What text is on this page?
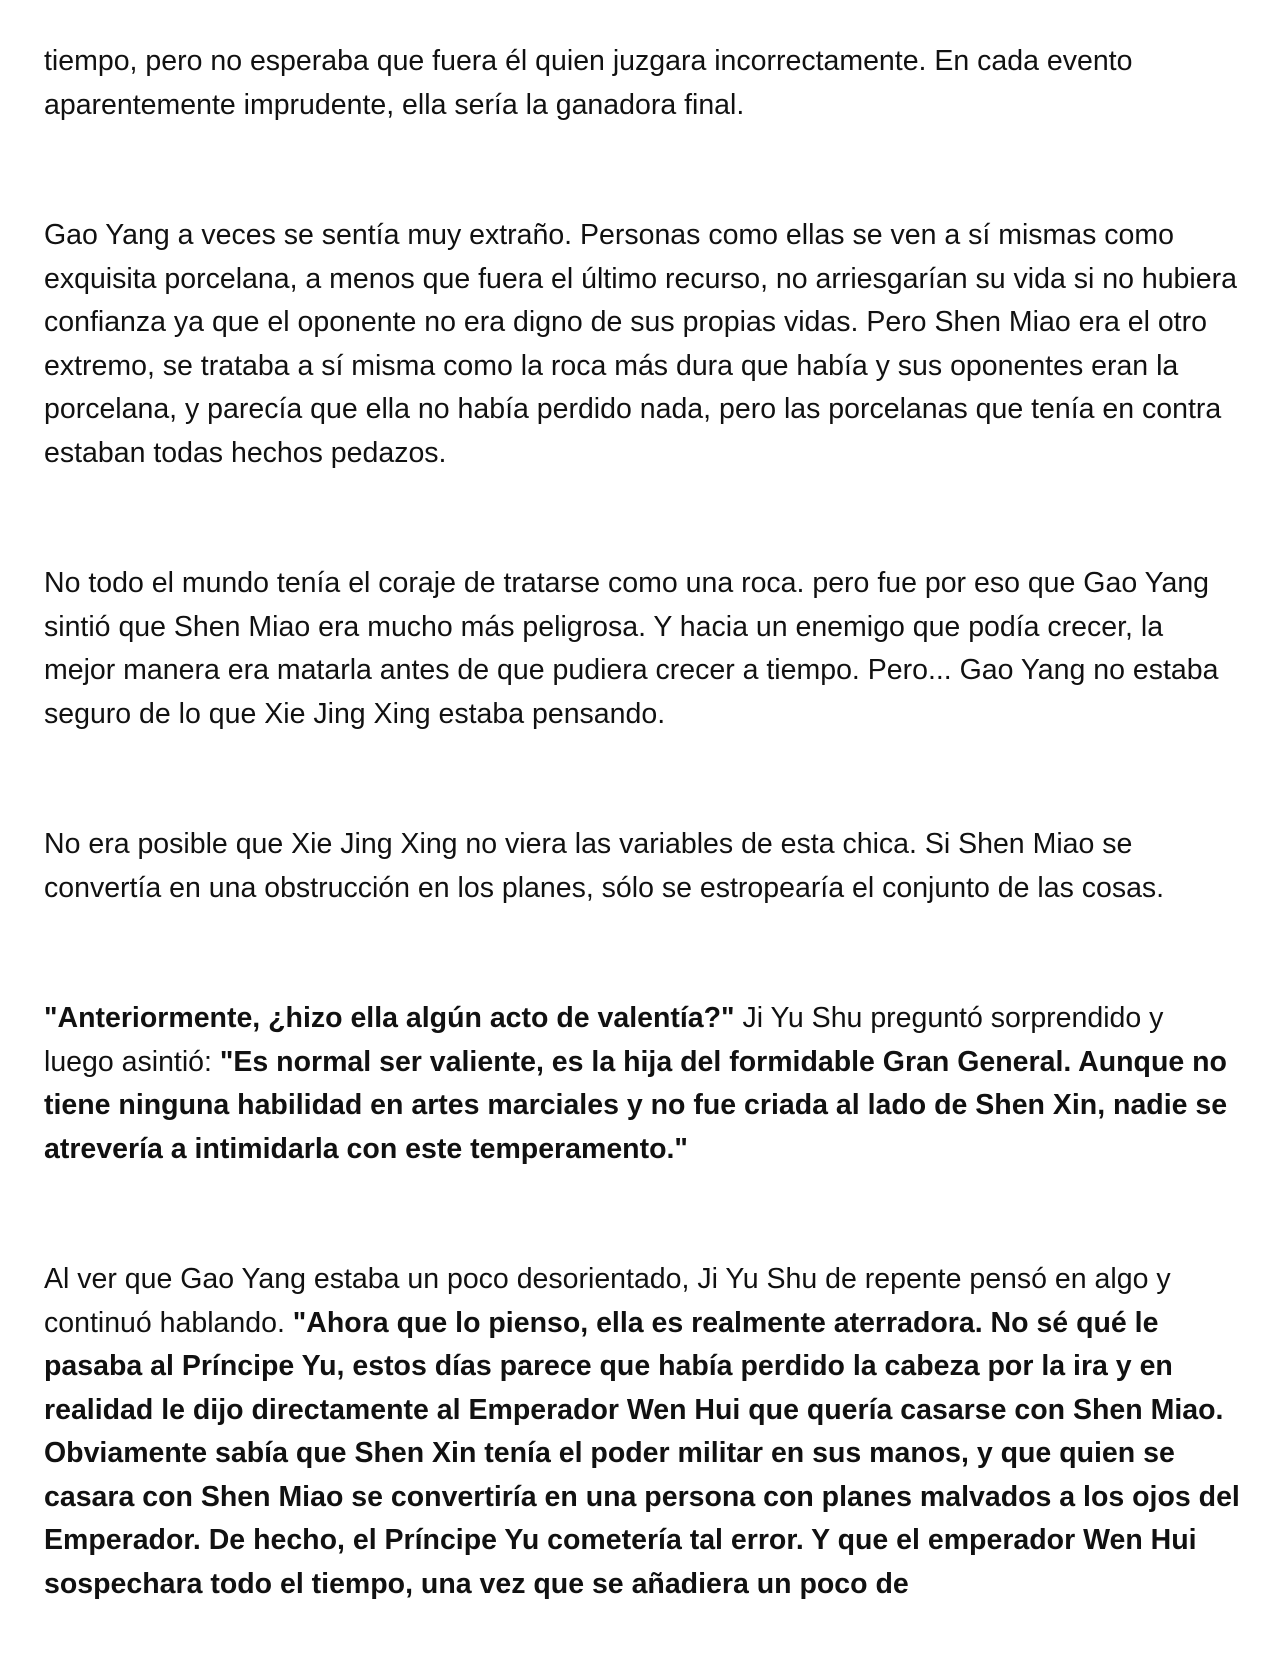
tiempo, pero no esperaba que fuera él quien juzgara incorrectamente. En cada evento aparentemente imprudente, ella sería la ganadora final.

Gao Yang a veces se sentía muy extraño. Personas como ellas se ven a sí mismas como exquisita porcelana, a menos que fuera el último recurso, no arriesgarían su vida si no hubiera confianza ya que el oponente no era digno de sus propias vidas. Pero Shen Miao era el otro extremo, se trataba a sí misma como la roca más dura que había y sus oponentes eran la porcelana, y parecía que ella no había perdido nada, pero las porcelanas que tenía en contra estaban todas hechos pedazos.

No todo el mundo tenía el coraje de tratarse como una roca. pero fue por eso que Gao Yang sintió que Shen Miao era mucho más peligrosa. Y hacia un enemigo que podía crecer, la mejor manera era matarla antes de que pudiera crecer a tiempo. Pero... Gao Yang no estaba seguro de lo que Xie Jing Xing estaba pensando.

No era posible que Xie Jing Xing no viera las variables de esta chica. Si Shen Miao se convertía en una obstrucción en los planes, sólo se estropearía el conjunto de las cosas.

"Anteriormente, ¿hizo ella algún acto de valentía?" Ji Yu Shu preguntó sorprendido y luego asintió: "Es normal ser valiente, es la hija del formidable Gran General. Aunque no tiene ninguna habilidad en artes marciales y no fue criada al lado de Shen Xin, nadie se atrevería a intimidarla con este temperamento."

Al ver que Gao Yang estaba un poco desorientado, Ji Yu Shu de repente pensó en algo y continuó hablando. "Ahora que lo pienso, ella es realmente aterradora. No sé qué le pasaba al Príncipe Yu, estos días parece que había perdido la cabeza por la ira y en realidad le dijo directamente al Emperador Wen Hui que quería casarse con Shen Miao. Obviamente sabía que Shen Xin tenía el poder militar en sus manos, y que quien se casara con Shen Miao se convertiría en una persona con planes malvados a los ojos del Emperador. De hecho, el Príncipe Yu cometería tal error. Y que el emperador Wen Hui sospechara todo el tiempo, una vez que se añadiera un poco de
